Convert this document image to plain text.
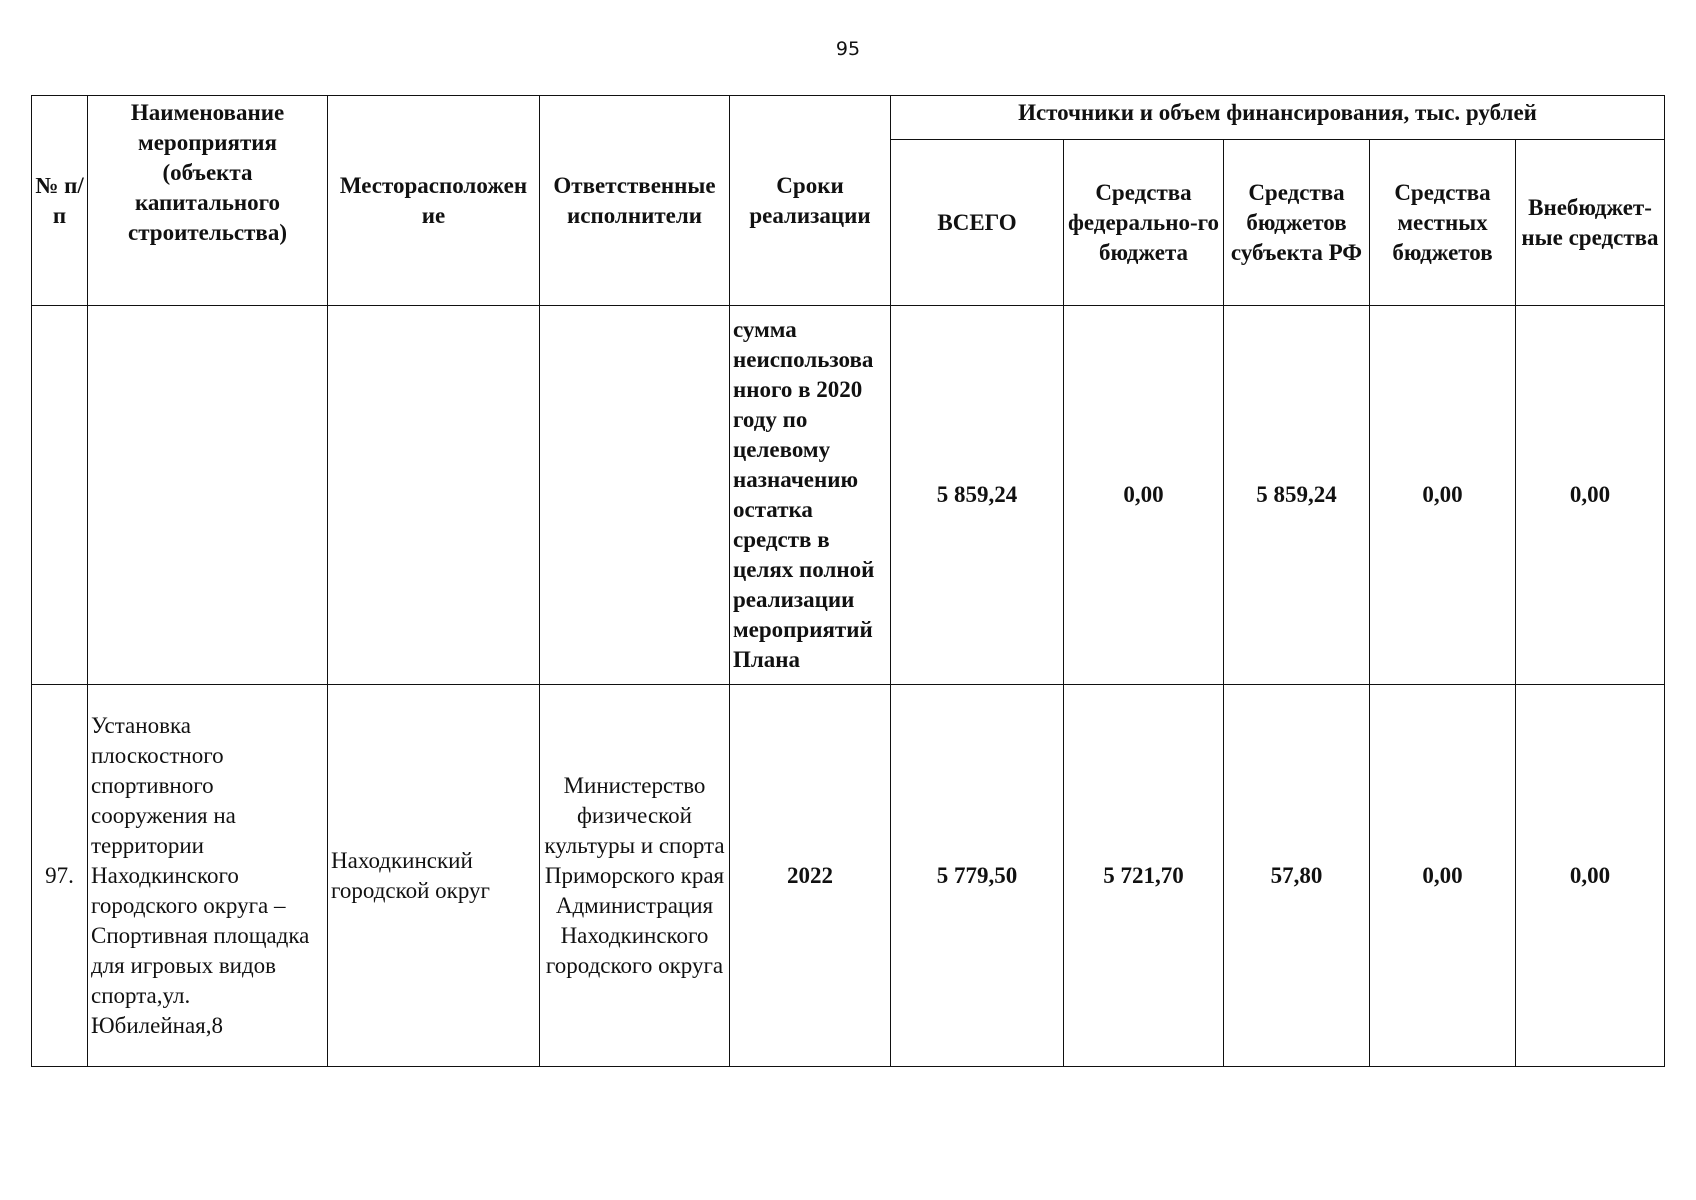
95
№ п/п	Наименование мероприятия (объекта капитального строительства)	Месторасположен ие	Ответственные исполнители	Сроки реализации	Источники и объем финансирования, тыс. рублей				
					ВСЕГО	Средства федерально-го бюджета	Средства бюджетов субъекта РФ	Средства местных бюджетов	Внебюджет-ные средства
				сумма неиспользова нного в 2020 году по целевому назначению остатка средств в целях полной реализации мероприятий Плана	5 859,24	0,00	5 859,24	0,00	0,00
97.	Установка плоскостного спортивного сооружения на территории Находкинского городского округа – Спортивная площадка для игровых видов спорта,ул. Юбилейная,8	Находкинский городской округ	Министерство физической культуры и спорта Приморского края Администрация Находкинского городского округа	2022	5 779,50	5 721,70	57,80	0,00	0,00
